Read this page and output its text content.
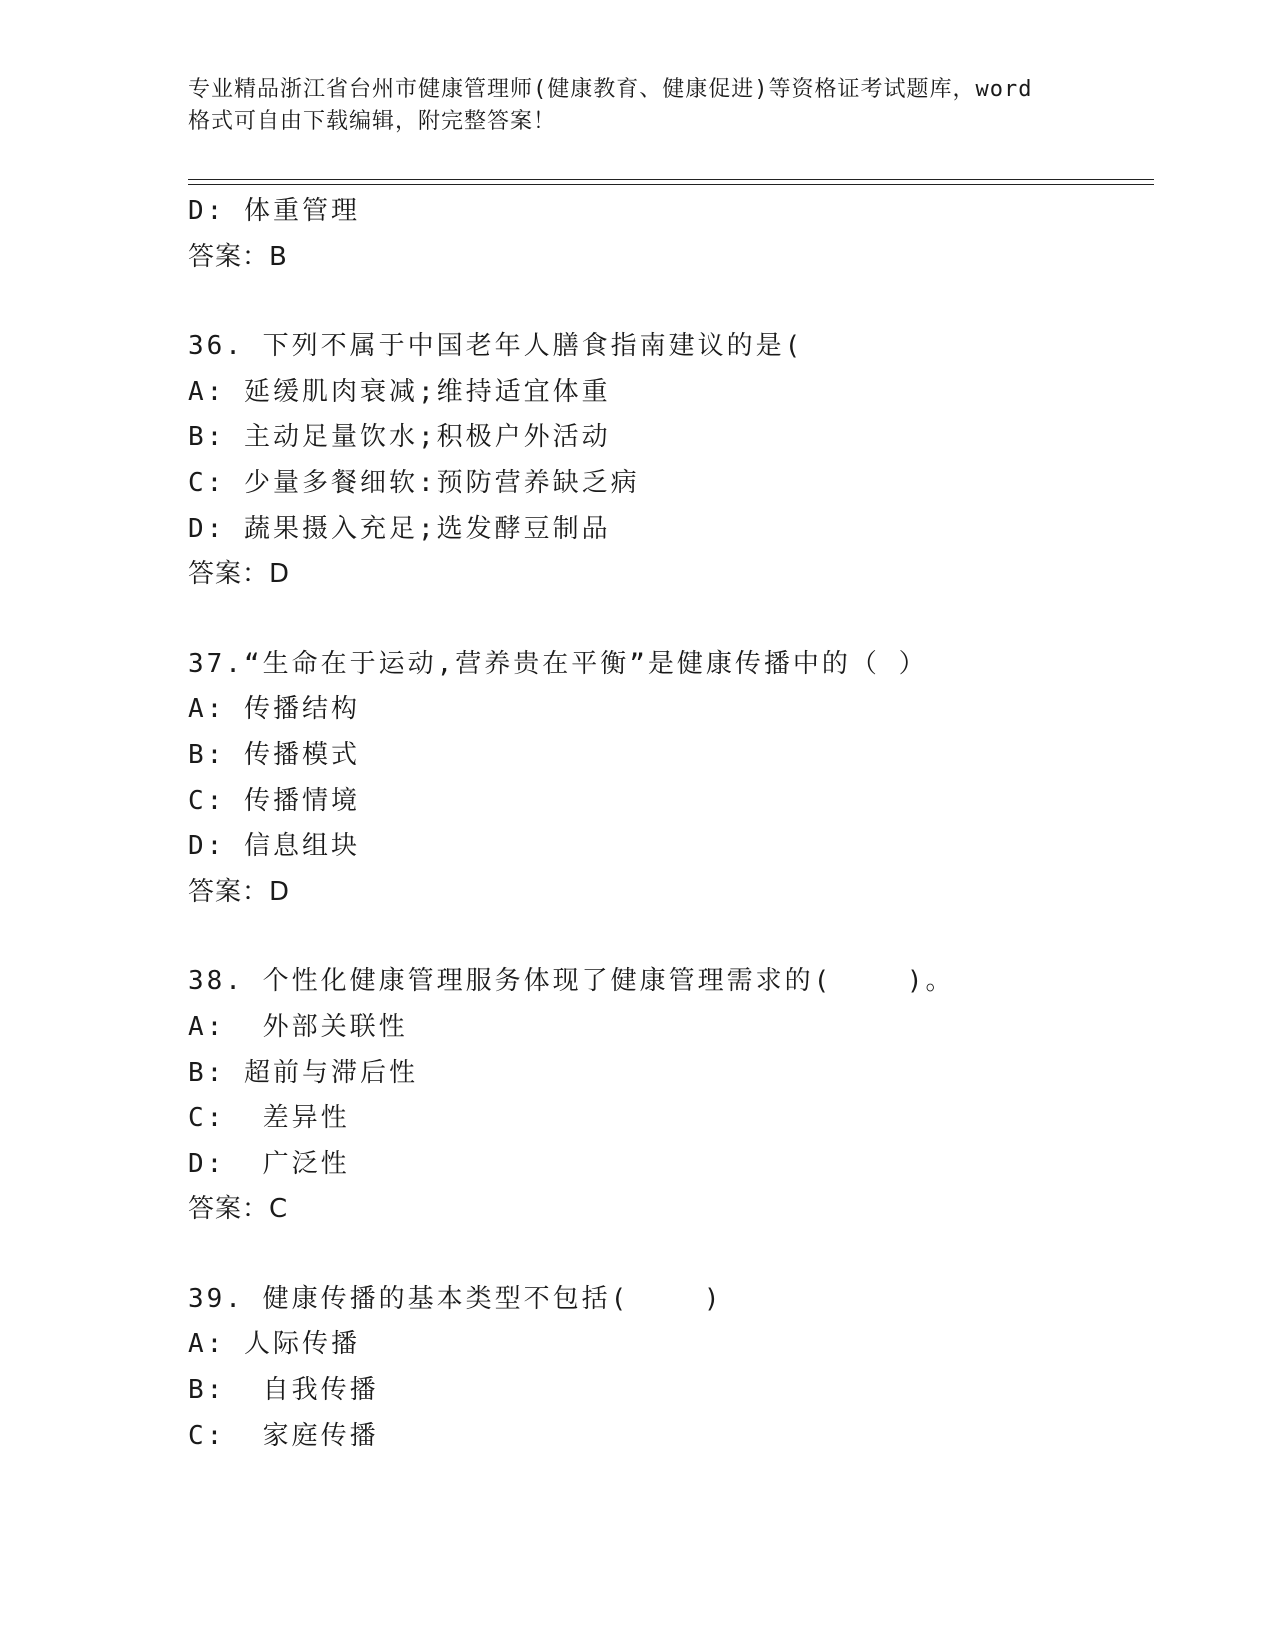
专业精品浙江省台州市健康管理师(健康教育、健康促进)等资格证考试题库，word
格式可自由下载编辑，附完整答案！
D: 体重管理
答案：B
36. 下列不属于中国老年人膳食指南建议的是(
A: 延缓肌肉衰减;维持适宜体重
B: 主动足量饮水;积极户外活动
C: 少量多餐细软:预防营养缺乏病
D: 蔬果摄入充足;选发酵豆制品
答案：D
37.“生命在于运动,营养贵在平衡”是健康传播中的（ ）
A: 传播结构
B: 传播模式
C: 传播情境
D: 信息组块
答案：D
38. 个性化健康管理服务体现了健康管理需求的(    )。
A:  外部关联性
B: 超前与滞后性
C:  差异性
D:  广泛性
答案：C
39. 健康传播的基本类型不包括(    )
A: 人际传播
B:  自我传播
C:  家庭传播
